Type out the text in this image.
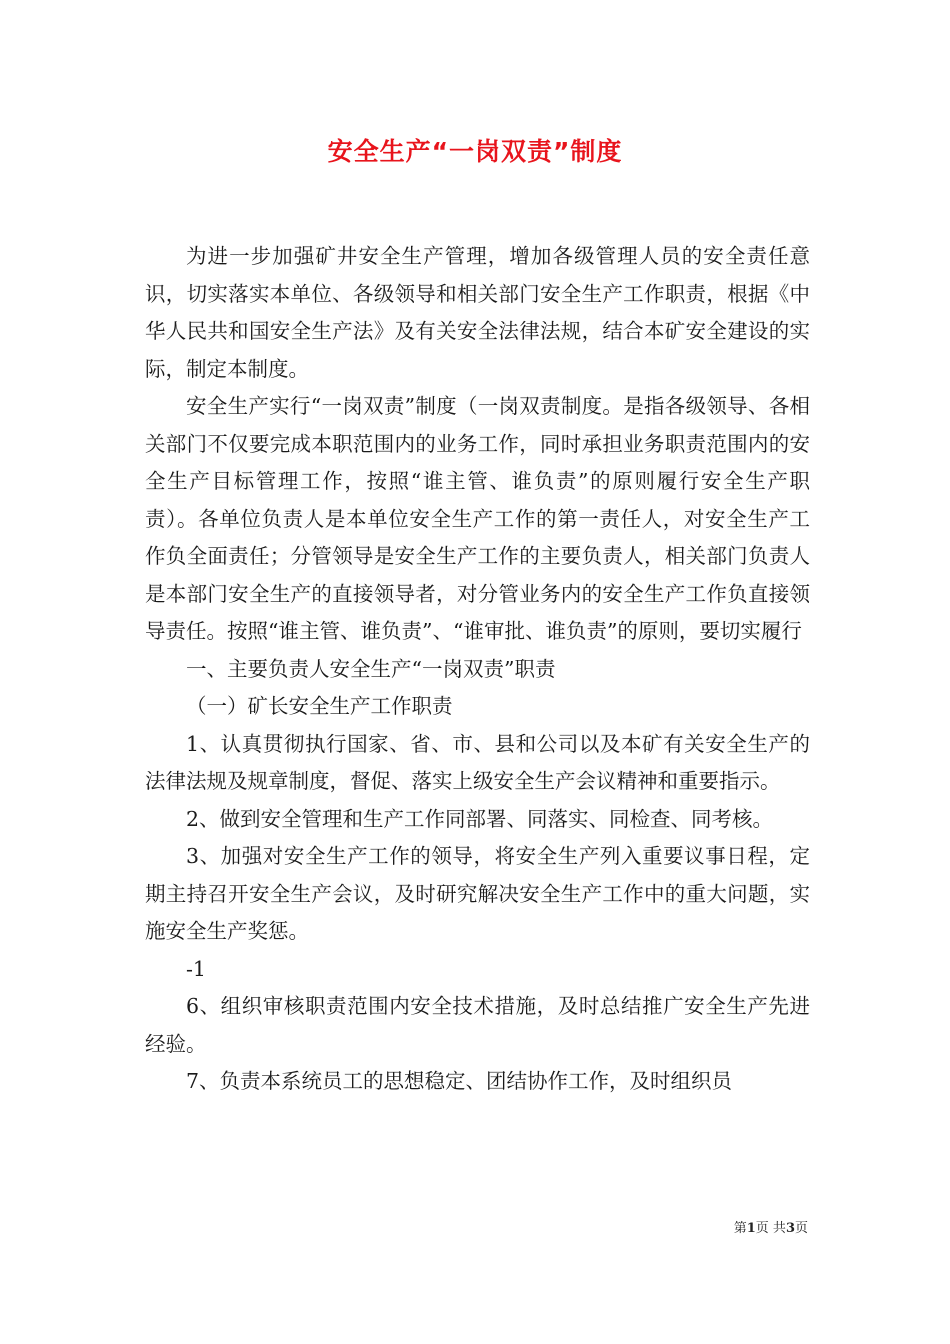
安全生产“一岗双责”制度

为进一步加强矿井安全生产管理，增加各级管理人员的安全责任意识，切实落实本单位、各级领导和相关部门安全生产工作职责，根据《中华人民共和国安全生产法》及有关安全法律法规，结合本矿安全建设的实际，制定本制度。

安全生产实行“一岗双责”制度（一岗双责制度。是指各级领导、各相关部门不仅要完成本职范围内的业务工作，同时承担业务职责范围内的安全生产目标管理工作，按照“谁主管、谁负责”的原则履行安全生产职责）。各单位负责人是本单位安全生产工作的第一责任人，对安全生产工作负全面责任；分管领导是安全生产工作的主要负责人，相关部门负责人是本部门安全生产的直接领导者，对分管业务内的安全生产工作负直接领导责任。按照“谁主管、谁负责”、“谁审批、谁负责”的原则，要切实履行

一、主要负责人安全生产“一岗双责”职责

（一）矿长安全生产工作职责

1、认真贯彻执行国家、省、市、县和公司以及本矿有关安全生产的法律法规及规章制度，督促、落实上级安全生产会议精神和重要指示。

2、做到安全管理和生产工作同部署、同落实、同检查、同考核。

3、加强对安全生产工作的领导，将安全生产列入重要议事日程，定期主持召开安全生产会议，及时研究解决安全生产工作中的重大问题，实施安全生产奖惩。

-1

6、组织审核职责范围内安全技术措施，及时总结推广安全生产先进经验。

7、负责本系统员工的思想稳定、团结协作工作，及时组织员

第1页 共3页
